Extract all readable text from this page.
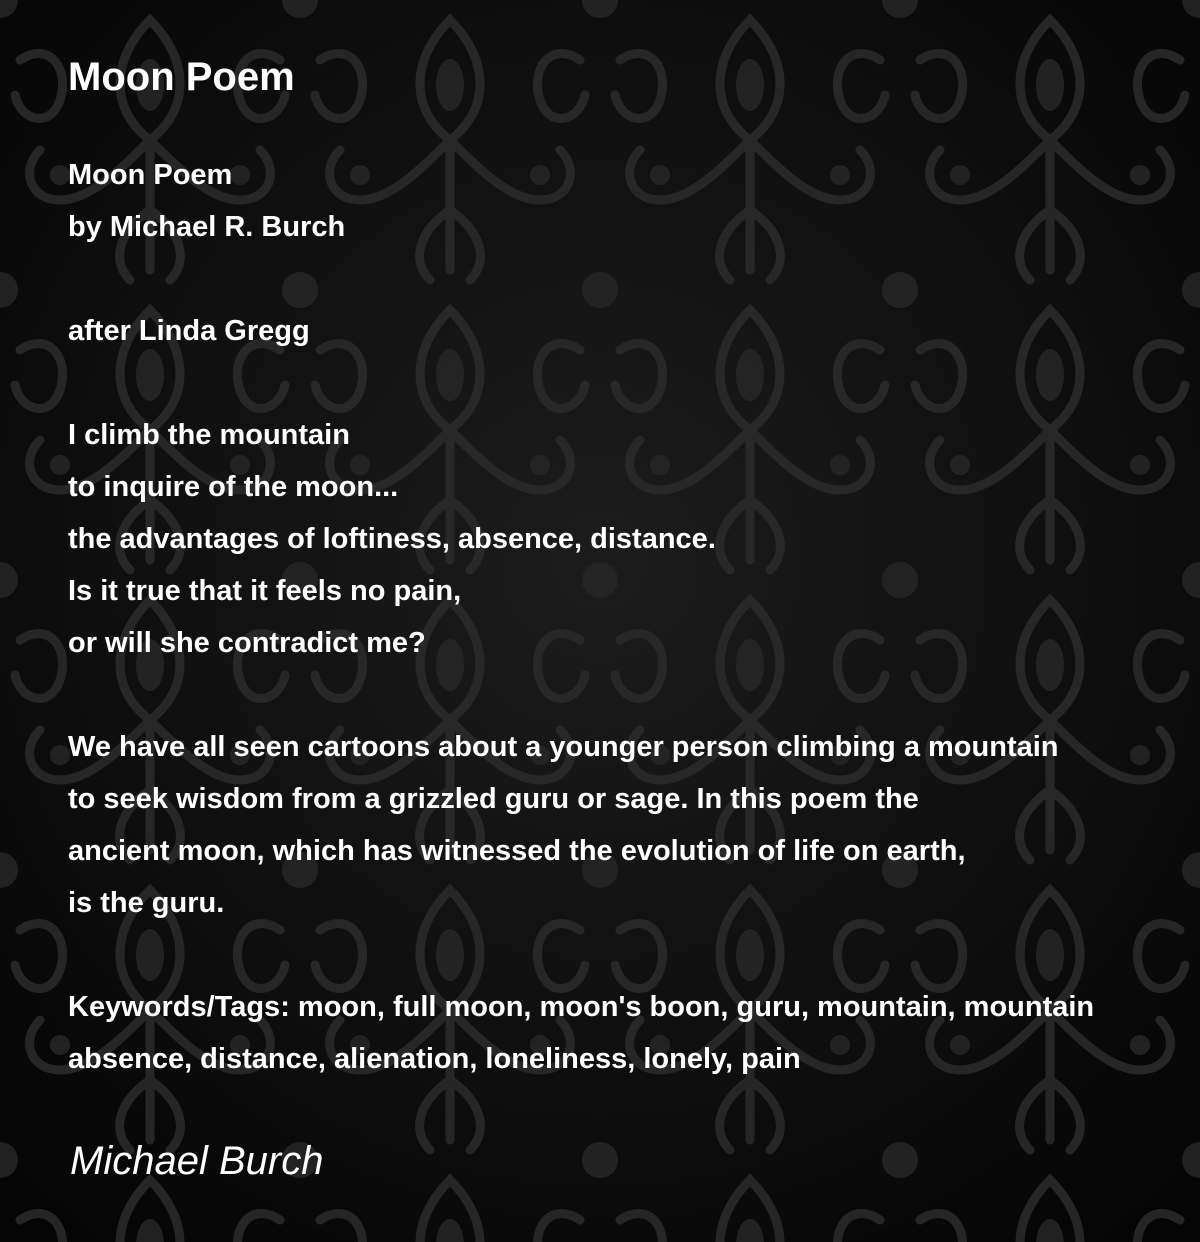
Moon Poem
Moon Poem
by Michael R. Burch
after Linda Gregg
I climb the mountain
to inquire of the moon...
the advantages of loftiness, absence, distance.
Is it true that it feels no pain,
or will she contradict me?
We have all seen cartoons about a younger person climbing a mountain
to seek wisdom from a grizzled guru or sage. In this poem the
ancient moon, which has witnessed the evolution of life on earth,
is the guru.
Keywords/Tags: moon, full moon, moon's boon, guru, mountain, mountain
absence, distance, alienation, loneliness, lonely, pain
Michael Burch
